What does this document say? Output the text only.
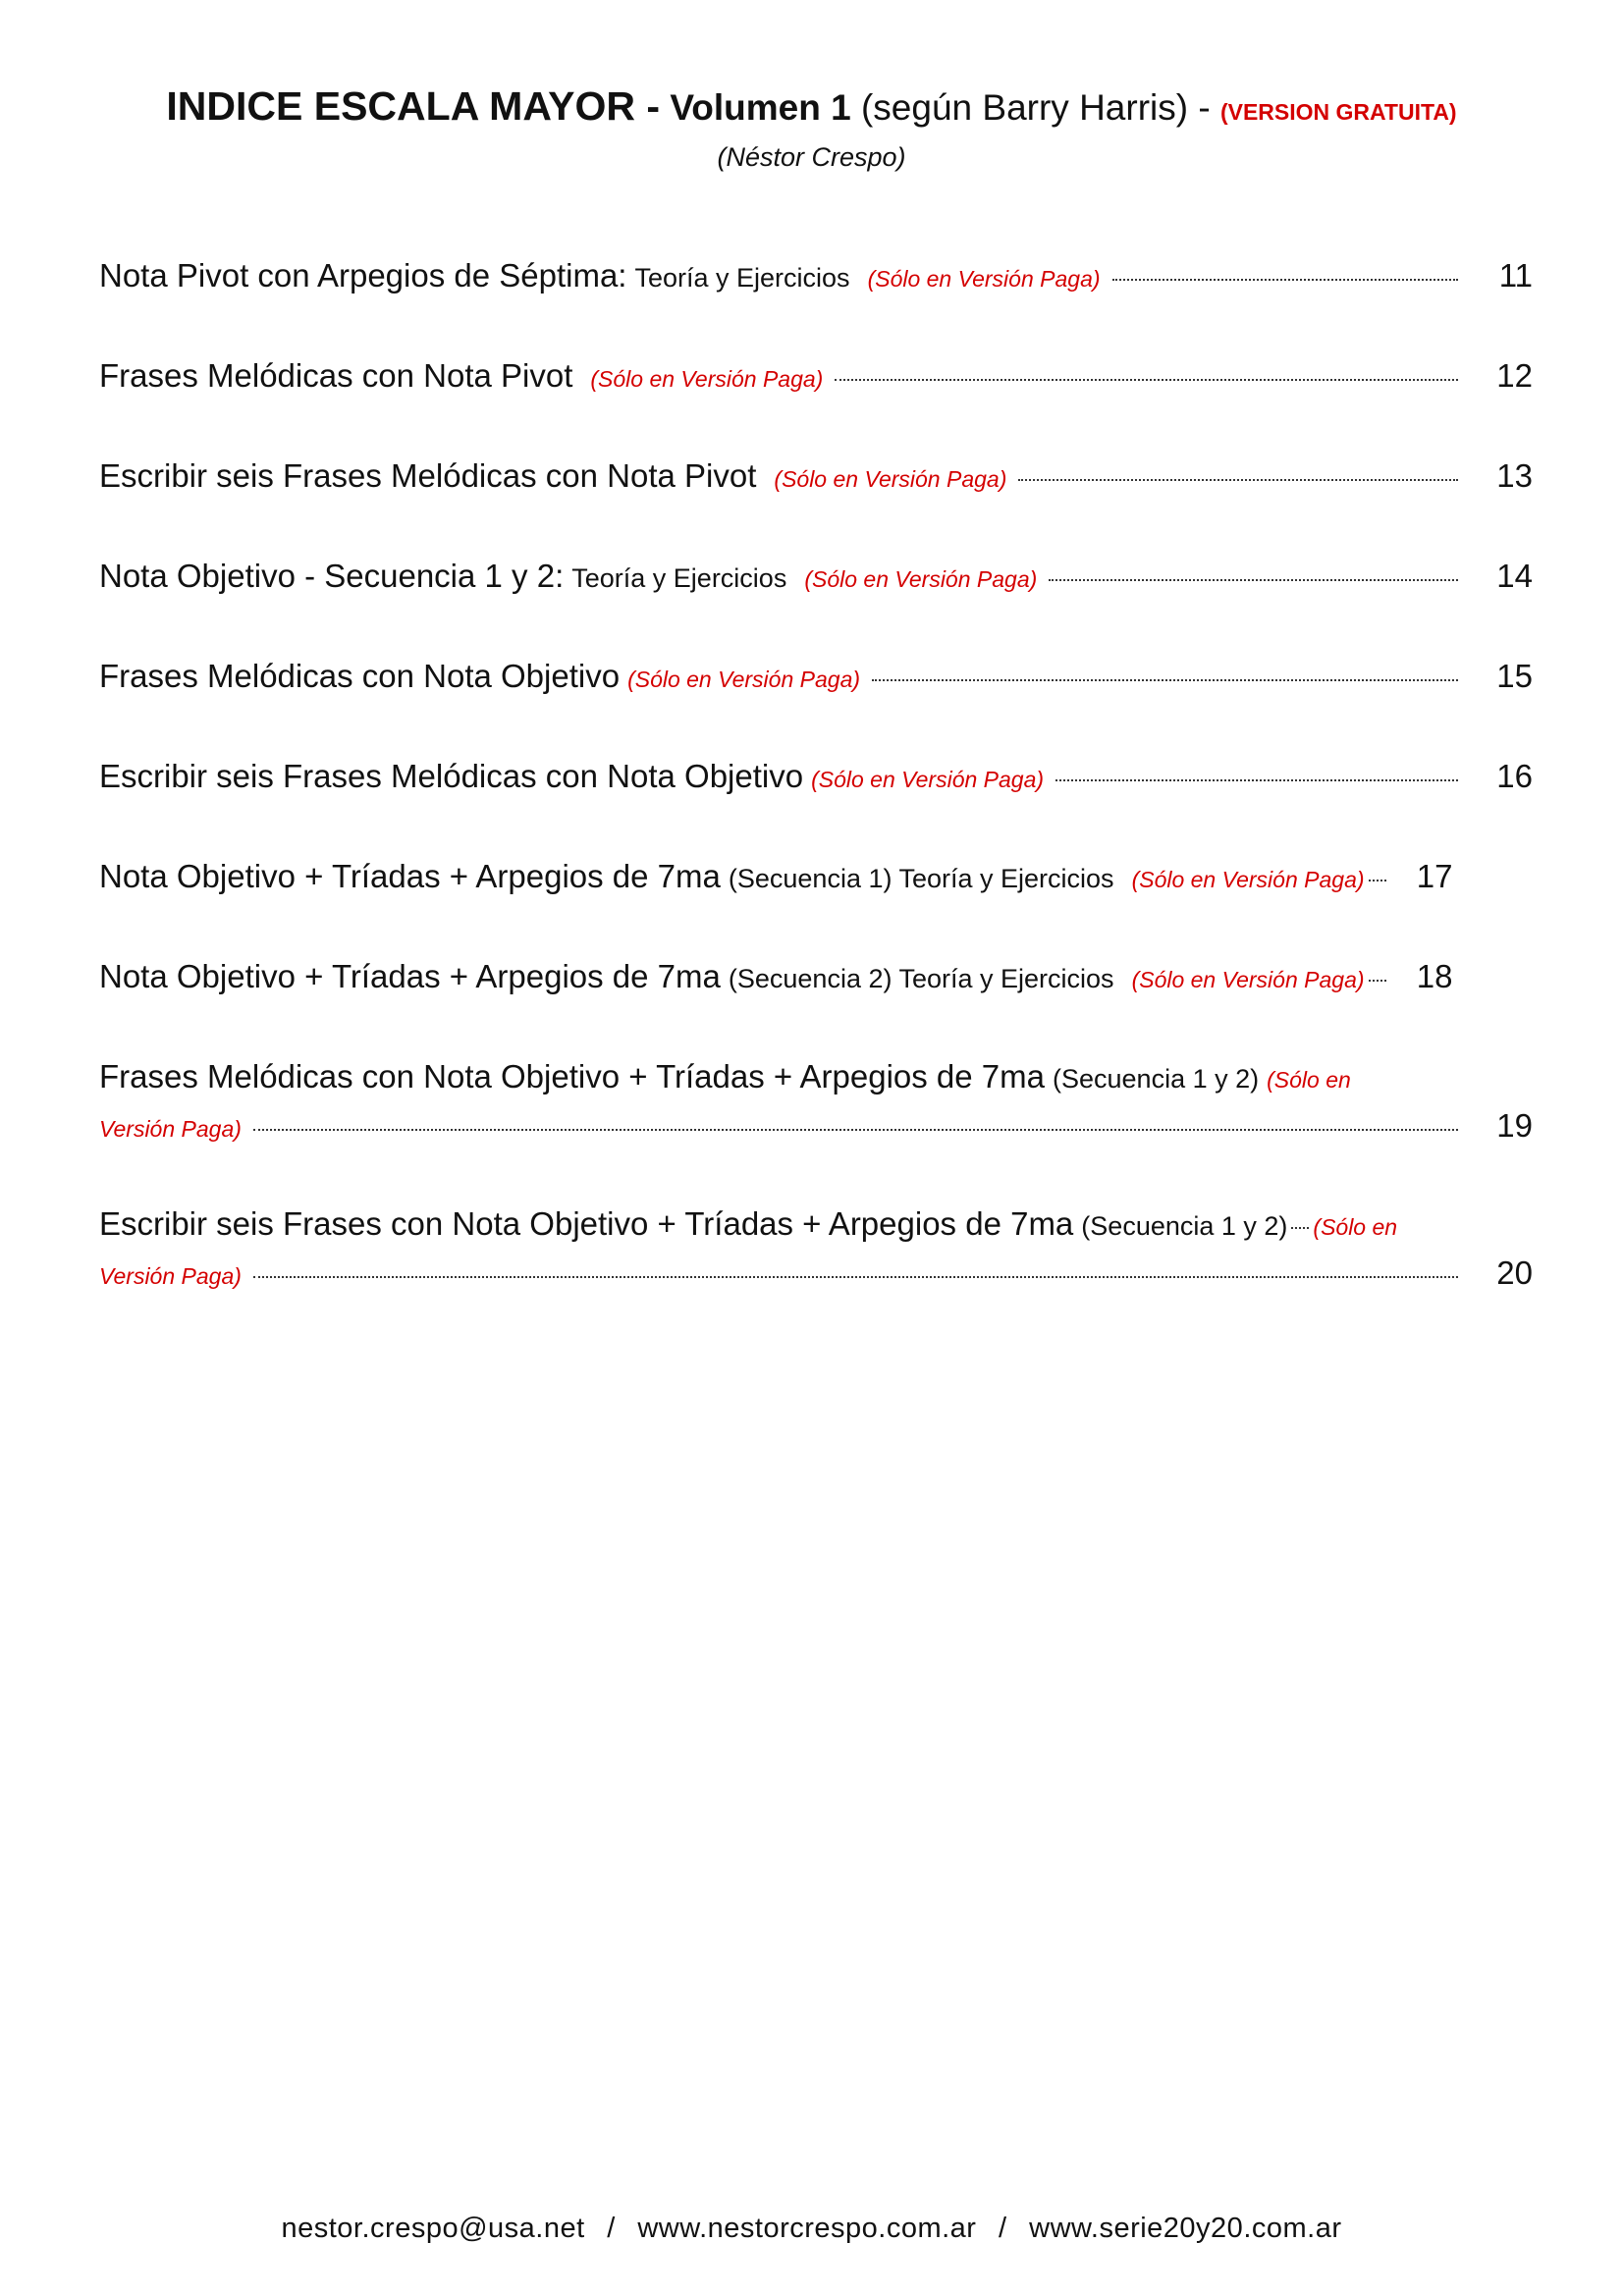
INDICE ESCALA MAYOR - Volumen 1 (según Barry Harris) - (VERSION GRATUITA)
(Néstor Crespo)
Nota Pivot con Arpegios de Séptima: Teoría y Ejercicios (Sólo en Versión Paga)	11
Frases Melódicas con Nota Pivot (Sólo en Versión Paga)	12
Escribir seis Frases Melódicas con Nota Pivot (Sólo en Versión Paga)	13
Nota Objetivo - Secuencia 1 y 2: Teoría y Ejercicios (Sólo en Versión Paga)	14
Frases Melódicas con Nota Objetivo (Sólo en Versión Paga)	15
Escribir seis Frases Melódicas con Nota Objetivo (Sólo en Versión Paga)	16
Nota Objetivo + Tríadas + Arpegios de 7ma (Secuencia 1) Teoría y Ejercicios (Sólo en Versión Paga)	17
Nota Objetivo + Tríadas + Arpegios de 7ma (Secuencia 2) Teoría y Ejercicios (Sólo en Versión Paga)	18
Frases Melódicas con Nota Objetivo + Tríadas + Arpegios de 7ma (Secuencia 1 y 2) (Sólo en
Versión Paga)	19
Escribir seis Frases con Nota Objetivo + Tríadas + Arpegios de 7ma (Secuencia 1 y 2) (Sólo en
Versión Paga)	20
nestor.crespo@usa.net / www.nestorcrespo.com.ar / www.serie20y20.com.ar
